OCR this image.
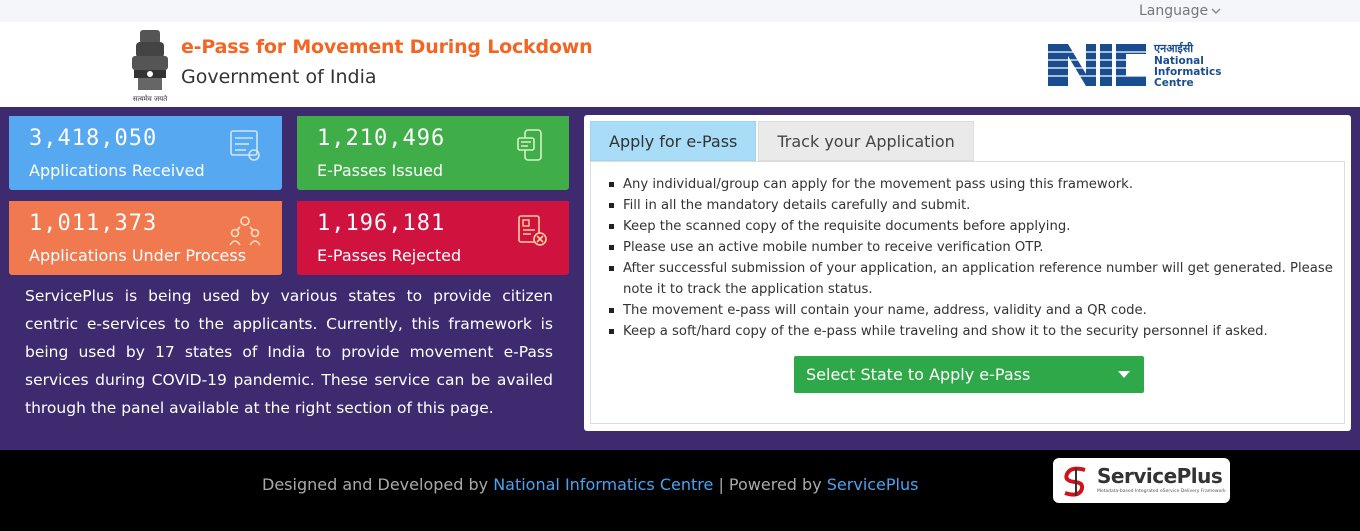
Language
सत्यमेव जयते
e-Pass for Movement During Lockdown
Government of India
एनआईसी
National
Informatics
Centre
3,418,050
Applications Received
1,210,496
E-Passes Issued
1,011,373
Applications Under Process
1,196,181
E-Passes Rejected

ServicePlus is being used by various states to provide citizen centric e-services to the applicants. Currently, this framework is being used by 17 states of India to provide movement e-Pass services during COVID-19 pandemic. These service can be availed through the panel available at the right section of this page.

Apply for e-Pass	Track your Application
Any individual/group can apply for the movement pass using this framework.
Fill in all the mandatory details carefully and submit.
Keep the scanned copy of the requisite documents before applying.
Please use an active mobile number to receive verification OTP.
After successful submission of your application, an application reference number will get generated. Please note it to track the application status.
The movement e-pass will contain your name, address, validity and a QR code.
Keep a soft/hard copy of the e-pass while traveling and show it to the security personnel if asked.
Select State to Apply e-Pass
Designed and Developed by National Informatics Centre | Powered by ServicePlus	ServicePlus
Metadata-based Integrated eService Delivery Framework
